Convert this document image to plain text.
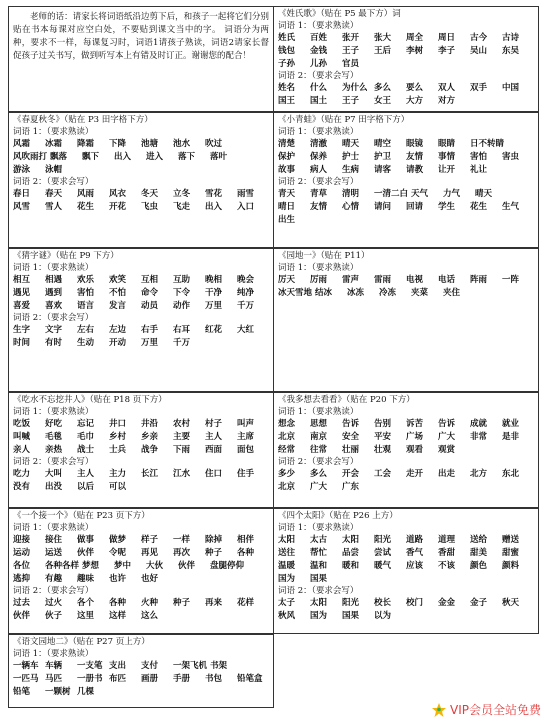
老师的话：请家长将词语纸沿边剪下后，和孩子一起将它们分别贴在书本每课对应空白处，不要贴到课文当中的字。 词语分为两种，要求不一样，每课复习时，词语1请孩子熟读，词语2请家长督促孩子过关书写，做到听写本上有错及时订正。谢谢您的配合！
《姓氏歌》（贴在 P5 最下方）词
词语 1：（要求熟读）
姓氏	百姓	张开	张大	周全	周日	古今	古诗
钱包	金钱	王子	王后	李树	李子	吴山	东吴
子孙	儿孙	官员
词语 2：（要求会写）
姓名	什么	为什么 多么	要么	双人	双手	中国
国王	国土	王子	女王	大方	对方
《春夏秋冬》（贴在 P3 田字格下方）
词语 1：（要求熟读）
风霜	冰霜	降霜	下降	池塘	池水	吹过
风吹雨打 飘落	飘下	出入	进入	落下	落叶
游泳	泳帽
词语 2：（要求会写）
春日	春天	风雨	风衣	冬天	立冬	雪花	雨雪
风雪	雪人	花生	开花	飞虫	飞走	出入	入口
《小青蛙》（贴在 P7 田字格下方）
词语 1：（要求熟读）
清楚	清澈	晴天	晴空	眼镜	眼睛	日不转睛
保护	保养	护士	护卫	友情	事情	害怕	害虫
故事	病人	生病	请客	请教	让开	礼让
词语 2：（要求会写）
青天	青草	清明	一清二白 天气	力气	晴天
晴日	友情	心情	请问	回请	学生	花生	生气
出生
《猜字谜》（贴在 P9 下方）
词语 1：（要求熟读）
相互	相遇	欢乐	欢笑	互相	互助	晚相	晚会
遇见	遇到	害怕	不怕	命令	下令	干净	纯净
喜爱	喜欢	语言	发言	动员	动作	万里	千万
词语 2：（要求会写）
生字	文字	左右	左边	右手	右耳	红花	大红
时间	有时	生动	开动	万里	千万
《园地一》（贴在 P11）
词语 1：（要求熟读）
厉天	厉雨	雷声	雷雨	电视	电话	阵雨	一阵
冰天雪地 结冰	冰冻	冷冻	夹菜	夹住
《吃水不忘挖井人》（贴在 P18 页下方）
词语 1：（要求熟读）
吃饭	好吃	忘记	井口	井沿	农村	村子	叫声
叫喊	毛毯	毛巾	乡村	乡亲	主要	主人	主席
亲人	亲热	战士	士兵	战争	下雨	西面	面包
词语 2：（要求会写）
吃力	大叫	主人	主力	长江	江水	住口	住手
没有	出没	以后	可以
《我多想去看看》（贴在 P20 下方）
词语 1：（要求熟读）
想念	思想	告诉	告别	诉苦	告诉	成就	就业
北京	南京	安全	平安	广场	广大	非常	是非
经常	往常	壮丽	壮观	观看	观赏
词语 2：（要求会写）
多少	多么	开会	工会	走开	出走	北方	东北
北京	广大	广东
《一个接一个》（贴在 P23 页下方）
词语 1：（要求熟读）
迎接	接住	做事	做梦	样子	一样	除掉	相伴
运动	运送	伙伴	令呢	再见	再次	种子	各种
各位	各种各样 梦想	梦中	大伙	伙伴	盘腿停仰
逃抑	有趣	趣味	也许	也好
词语 2：（要求会写）
过去	过火	各个	各种	火种	种子	再来	花样
伙伴	伙子	这里	这样	这么
《四个太阳》（贴在 P26 上方）
词语 1：（要求熟读）
太阳	太古	太阳	阳光	道路	道理	送给	赠送
送往	帮忙	品尝	尝试	香气	香甜	甜美	甜蜜
温暖	温和	暖和	暖气	应该	不该	颜色	颜料
国为	国果
词语 2：（要求会写）
太子	太阳	阳光	校长	校门	金金	金子	秋天
秋风	国为	国果	以为
《语文园地二》（贴在 P27 页上方）
词语 1：（要求熟读）
一辆车 车辆	一支笔 支出	支付	一架飞机 书架
一匹马 马匹	一册书 布匹	画册	手册	书包	铅笔盒
铅笔	一颗树 几棵
VIP会员全站免费
